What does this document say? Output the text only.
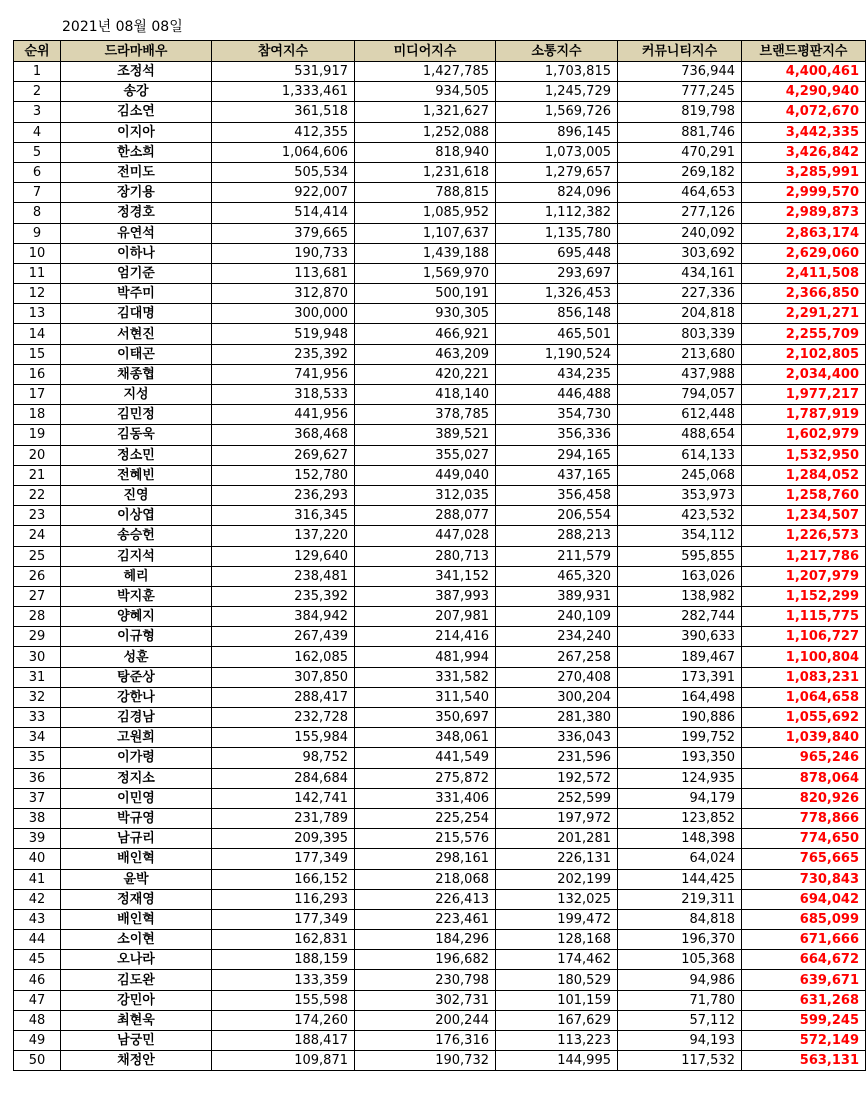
2021년 08월 08일
순위	드라마배우	참여지수	미디어지수	소통지수	커뮤니티지수	브랜드평판지수
1	조정석	531,917	1,427,785	1,703,815	736,944	4,400,461
2	송강	1,333,461	934,505	1,245,729	777,245	4,290,940
3	김소연	361,518	1,321,627	1,569,726	819,798	4,072,670
4	이지아	412,355	1,252,088	896,145	881,746	3,442,335
5	한소희	1,064,606	818,940	1,073,005	470,291	3,426,842
6	전미도	505,534	1,231,618	1,279,657	269,182	3,285,991
7	장기용	922,007	788,815	824,096	464,653	2,999,570
8	정경호	514,414	1,085,952	1,112,382	277,126	2,989,873
9	유연석	379,665	1,107,637	1,135,780	240,092	2,863,174
10	이하나	190,733	1,439,188	695,448	303,692	2,629,060
11	엄기준	113,681	1,569,970	293,697	434,161	2,411,508
12	박주미	312,870	500,191	1,326,453	227,336	2,366,850
13	김대명	300,000	930,305	856,148	204,818	2,291,271
14	서현진	519,948	466,921	465,501	803,339	2,255,709
15	이태곤	235,392	463,209	1,190,524	213,680	2,102,805
16	채종협	741,956	420,221	434,235	437,988	2,034,400
17	지성	318,533	418,140	446,488	794,057	1,977,217
18	김민정	441,956	378,785	354,730	612,448	1,787,919
19	김동욱	368,468	389,521	356,336	488,654	1,602,979
20	정소민	269,627	355,027	294,165	614,133	1,532,950
21	전혜빈	152,780	449,040	437,165	245,068	1,284,052
22	진영	236,293	312,035	356,458	353,973	1,258,760
23	이상엽	316,345	288,077	206,554	423,532	1,234,507
24	송승헌	137,220	447,028	288,213	354,112	1,226,573
25	김지석	129,640	280,713	211,579	595,855	1,217,786
26	헤리	238,481	341,152	465,320	163,026	1,207,979
27	박지훈	235,392	387,993	389,931	138,982	1,152,299
28	양혜지	384,942	207,981	240,109	282,744	1,115,775
29	이규형	267,439	214,416	234,240	390,633	1,106,727
30	성훈	162,085	481,994	267,258	189,467	1,100,804
31	탕준상	307,850	331,582	270,408	173,391	1,083,231
32	강한나	288,417	311,540	300,204	164,498	1,064,658
33	김경남	232,728	350,697	281,380	190,886	1,055,692
34	고원희	155,984	348,061	336,043	199,752	1,039,840
35	이가령	98,752	441,549	231,596	193,350	965,246
36	정지소	284,684	275,872	192,572	124,935	878,064
37	이민영	142,741	331,406	252,599	94,179	820,926
38	박규영	231,789	225,254	197,972	123,852	778,866
39	남규리	209,395	215,576	201,281	148,398	774,650
40	배인혁	177,349	298,161	226,131	64,024	765,665
41	윤박	166,152	218,068	202,199	144,425	730,843
42	정재영	116,293	226,413	132,025	219,311	694,042
43	배인혁	177,349	223,461	199,472	84,818	685,099
44	소이현	162,831	184,296	128,168	196,370	671,666
45	오나라	188,159	196,682	174,462	105,368	664,672
46	김도완	133,359	230,798	180,529	94,986	639,671
47	강민아	155,598	302,731	101,159	71,780	631,268
48	최현욱	174,260	200,244	167,629	57,112	599,245
49	남궁민	188,417	176,316	113,223	94,193	572,149
50	채정안	109,871	190,732	144,995	117,532	563,131
